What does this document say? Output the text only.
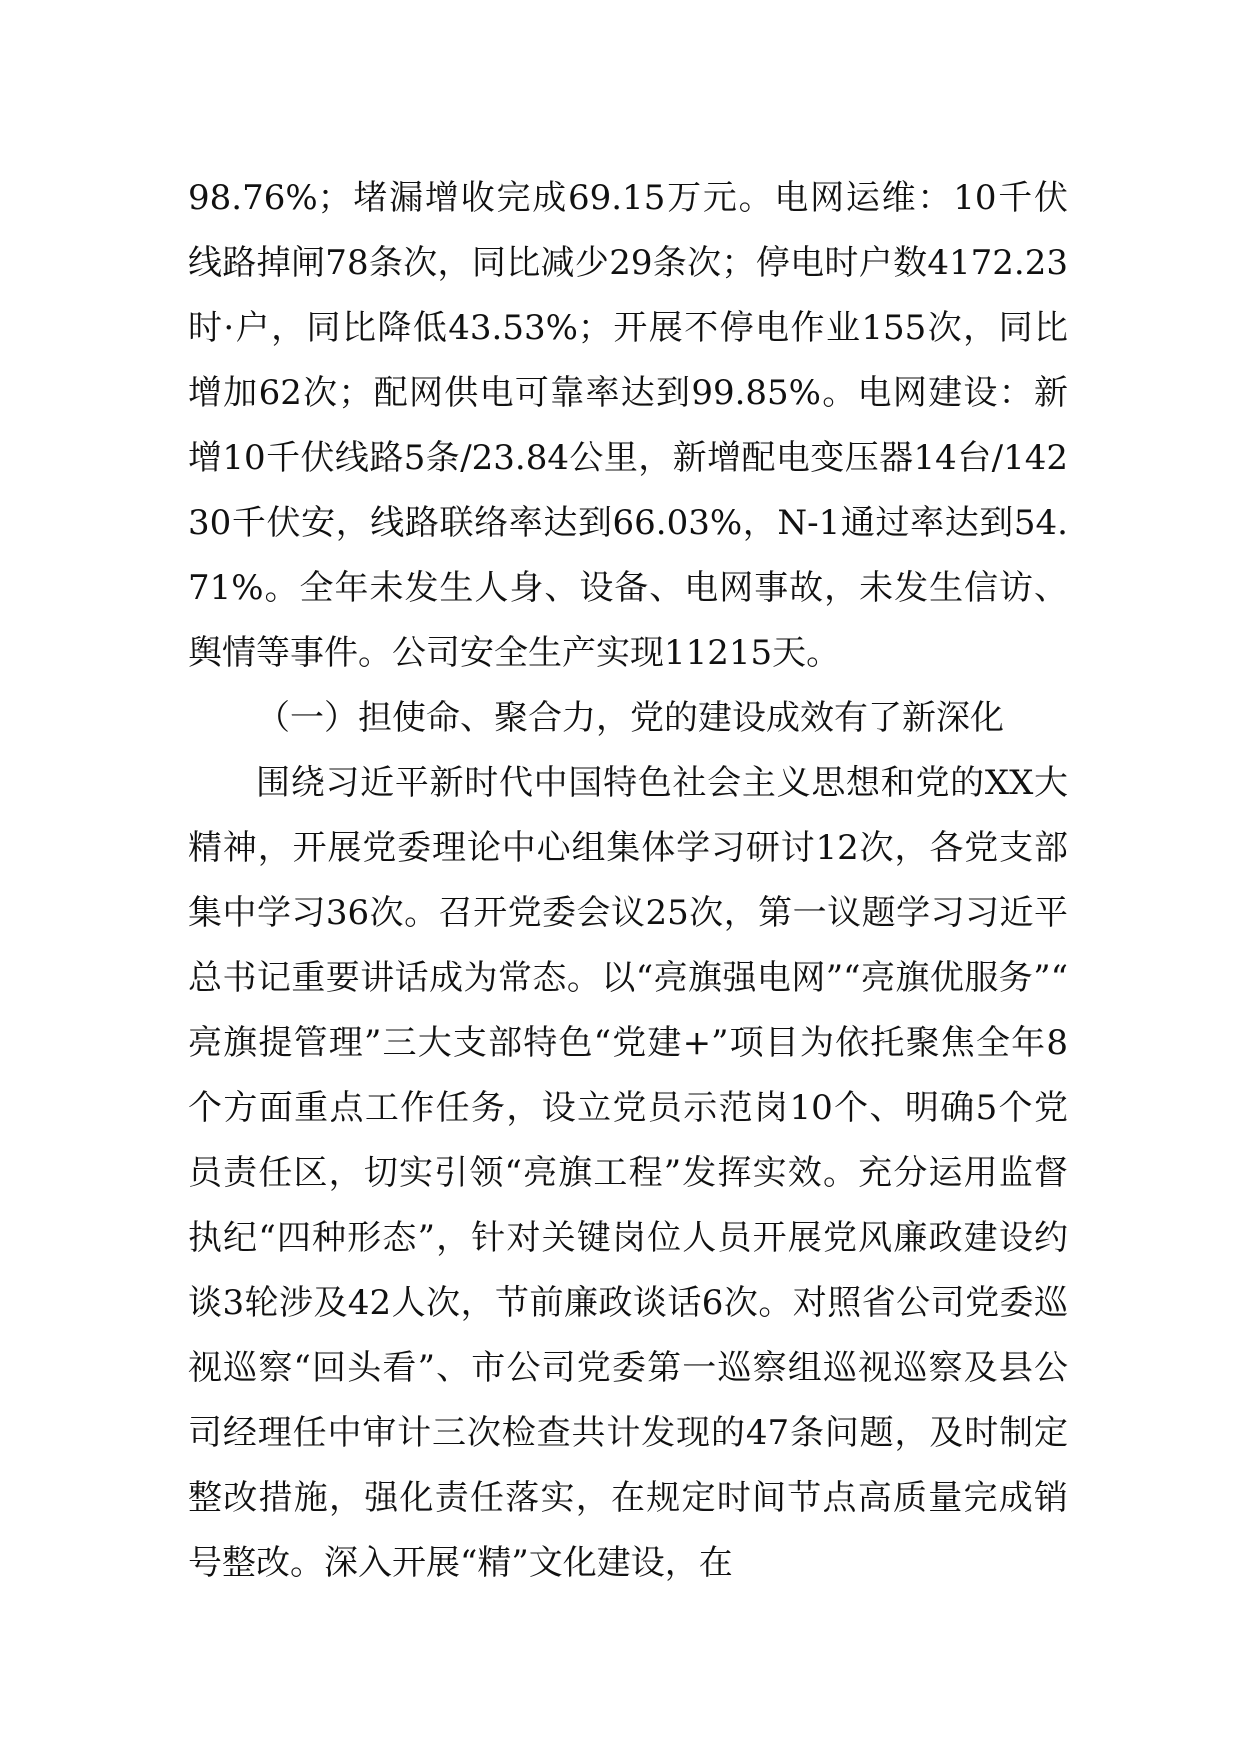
98.76%；堵漏增收完成69.15万元。电网运维：10千伏线路掉闸78条次，同比减少29条次；停电时户数4172.23时·户，同比降低43.53%；开展不停电作业155次，同比增加62次；配网供电可靠率达到99.85%。电网建设：新增10千伏线路5条/23.84公里，新增配电变压器14台/14230千伏安，线路联络率达到66.03%，N-1通过率达到54.71%。全年未发生人身、设备、电网事故，未发生信访、舆情等事件。公司安全生产实现11215天。

（一）担使命、聚合力，党的建设成效有了新深化

围绕习近平新时代中国特色社会主义思想和党的XX大精神，开展党委理论中心组集体学习研讨12次，各党支部集中学习36次。召开党委会议25次，第一议题学习习近平总书记重要讲话成为常态。以“亮旗强电网”“亮旗优服务”“亮旗提管理”三大支部特色“党建+”项目为依托聚焦全年8个方面重点工作任务，设立党员示范岗10个、明确5个党员责任区，切实引领“亮旗工程”发挥实效。充分运用监督执纪“四种形态”，针对关键岗位人员开展党风廉政建设约谈3轮涉及42人次，节前廉政谈话6次。对照省公司党委巡视巡察“回头看”、市公司党委第一巡察组巡视巡察及县公司经理任中审计三次检查共计发现的47条问题，及时制定整改措施，强化责任落实，在规定时间节点高质量完成销号整改。深入开展“精”文化建设，在
